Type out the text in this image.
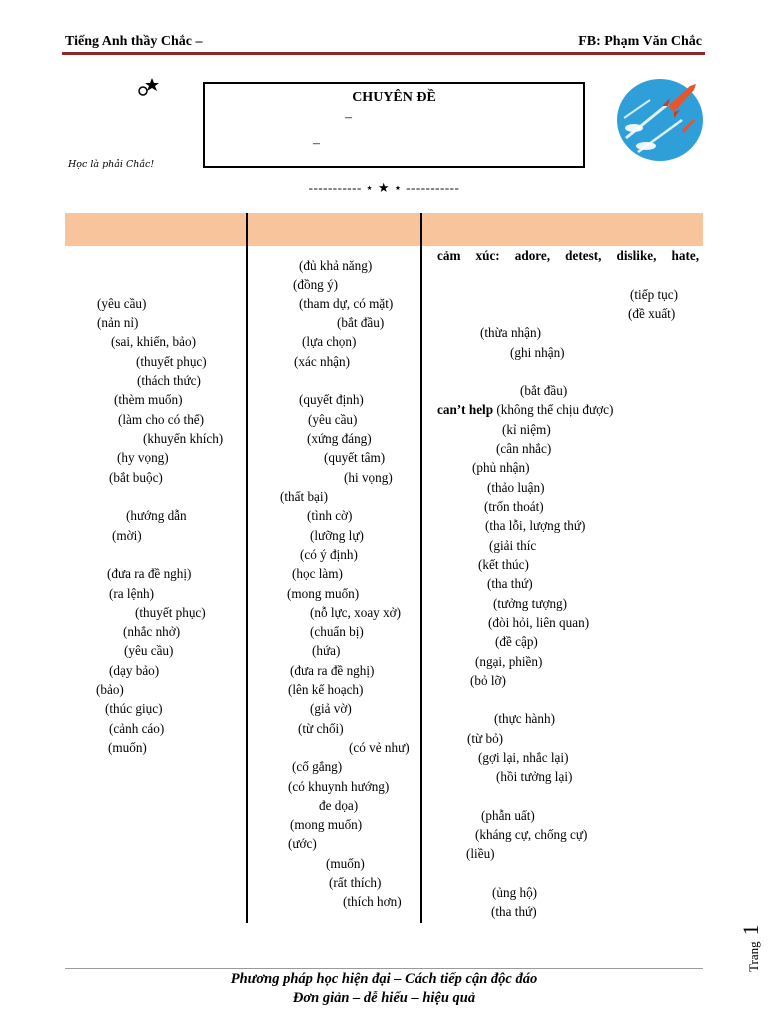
Tiếng Anh thầy Chắc –	FB: Phạm Văn Chắc
Học là phải Chắc!
CHUYÊN ĐỀ
–
–
----------- ⋆ ★ ⋆ -----------
(yêu cầu)
(nản nỉ)
(sai, khiến, bảo)
(thuyết phục)
(thách thức)
(thèm muốn)
(làm cho có thể)
(khuyến khích)
(hy vọng)
(bắt buộc)
(hướng dẫn
(mời)
(đưa ra đề nghị)
(ra lệnh)
(thuyết phục)
(nhắc nhở)
(yêu cầu)
(dạy bảo)
(bảo)
(thúc giục)
(cảnh cáo)
(muốn)
(đủ khả năng)
(đồng ý)
(tham dự, có mặt)
(bắt đầu)
(lựa chọn)
(xác nhận)
(quyết định)
(yêu cầu)
(xứng đáng)
(quyết tâm)
(hi vọng)
(thất bại)
(tình cờ)
(lưỡng lự)
(có ý định)
(học làm)
(mong muốn)
(nỗ lực, xoay xở)
(chuẩn bị)
(hứa)
(đưa ra đề nghị)
(lên kế hoạch)
(giả vờ)
(từ chối)
(có vẻ như)
(cố gắng)
(có khuynh hướng)
đe dọa)
(mong muốn)
(ước)
(muốn)
(rất thích)
(thích hơn)
cảm xúc: adore, detest, dislike, hate,
(tiếp tục)
(đề xuất)
(thừa nhận)
(ghi nhận)
(bắt đầu)
can’t help (không thể chịu được)
(kỉ niệm)
(cân nhắc)
(phủ nhận)
(thảo luận)
(trốn thoát)
(tha lỗi, lượng thứ)
(giải thíc
(kết thúc)
(tha thứ)
(tưởng tượng)
(đòi hỏi, liên quan)
(đề cập)
(ngại, phiền)
(bỏ lỡ)
(thực hành)
(từ bỏ)
(gợi lại, nhắc lại)
(hồi tưởng lại)
(phẫn uất)
(kháng cự, chống cự)
(liều)
(ủng hộ)
(tha thứ)
Trang1
Phương pháp học hiện đại – Cách tiếp cận độc đáo
Đơn giản – dễ hiểu – hiệu quả
